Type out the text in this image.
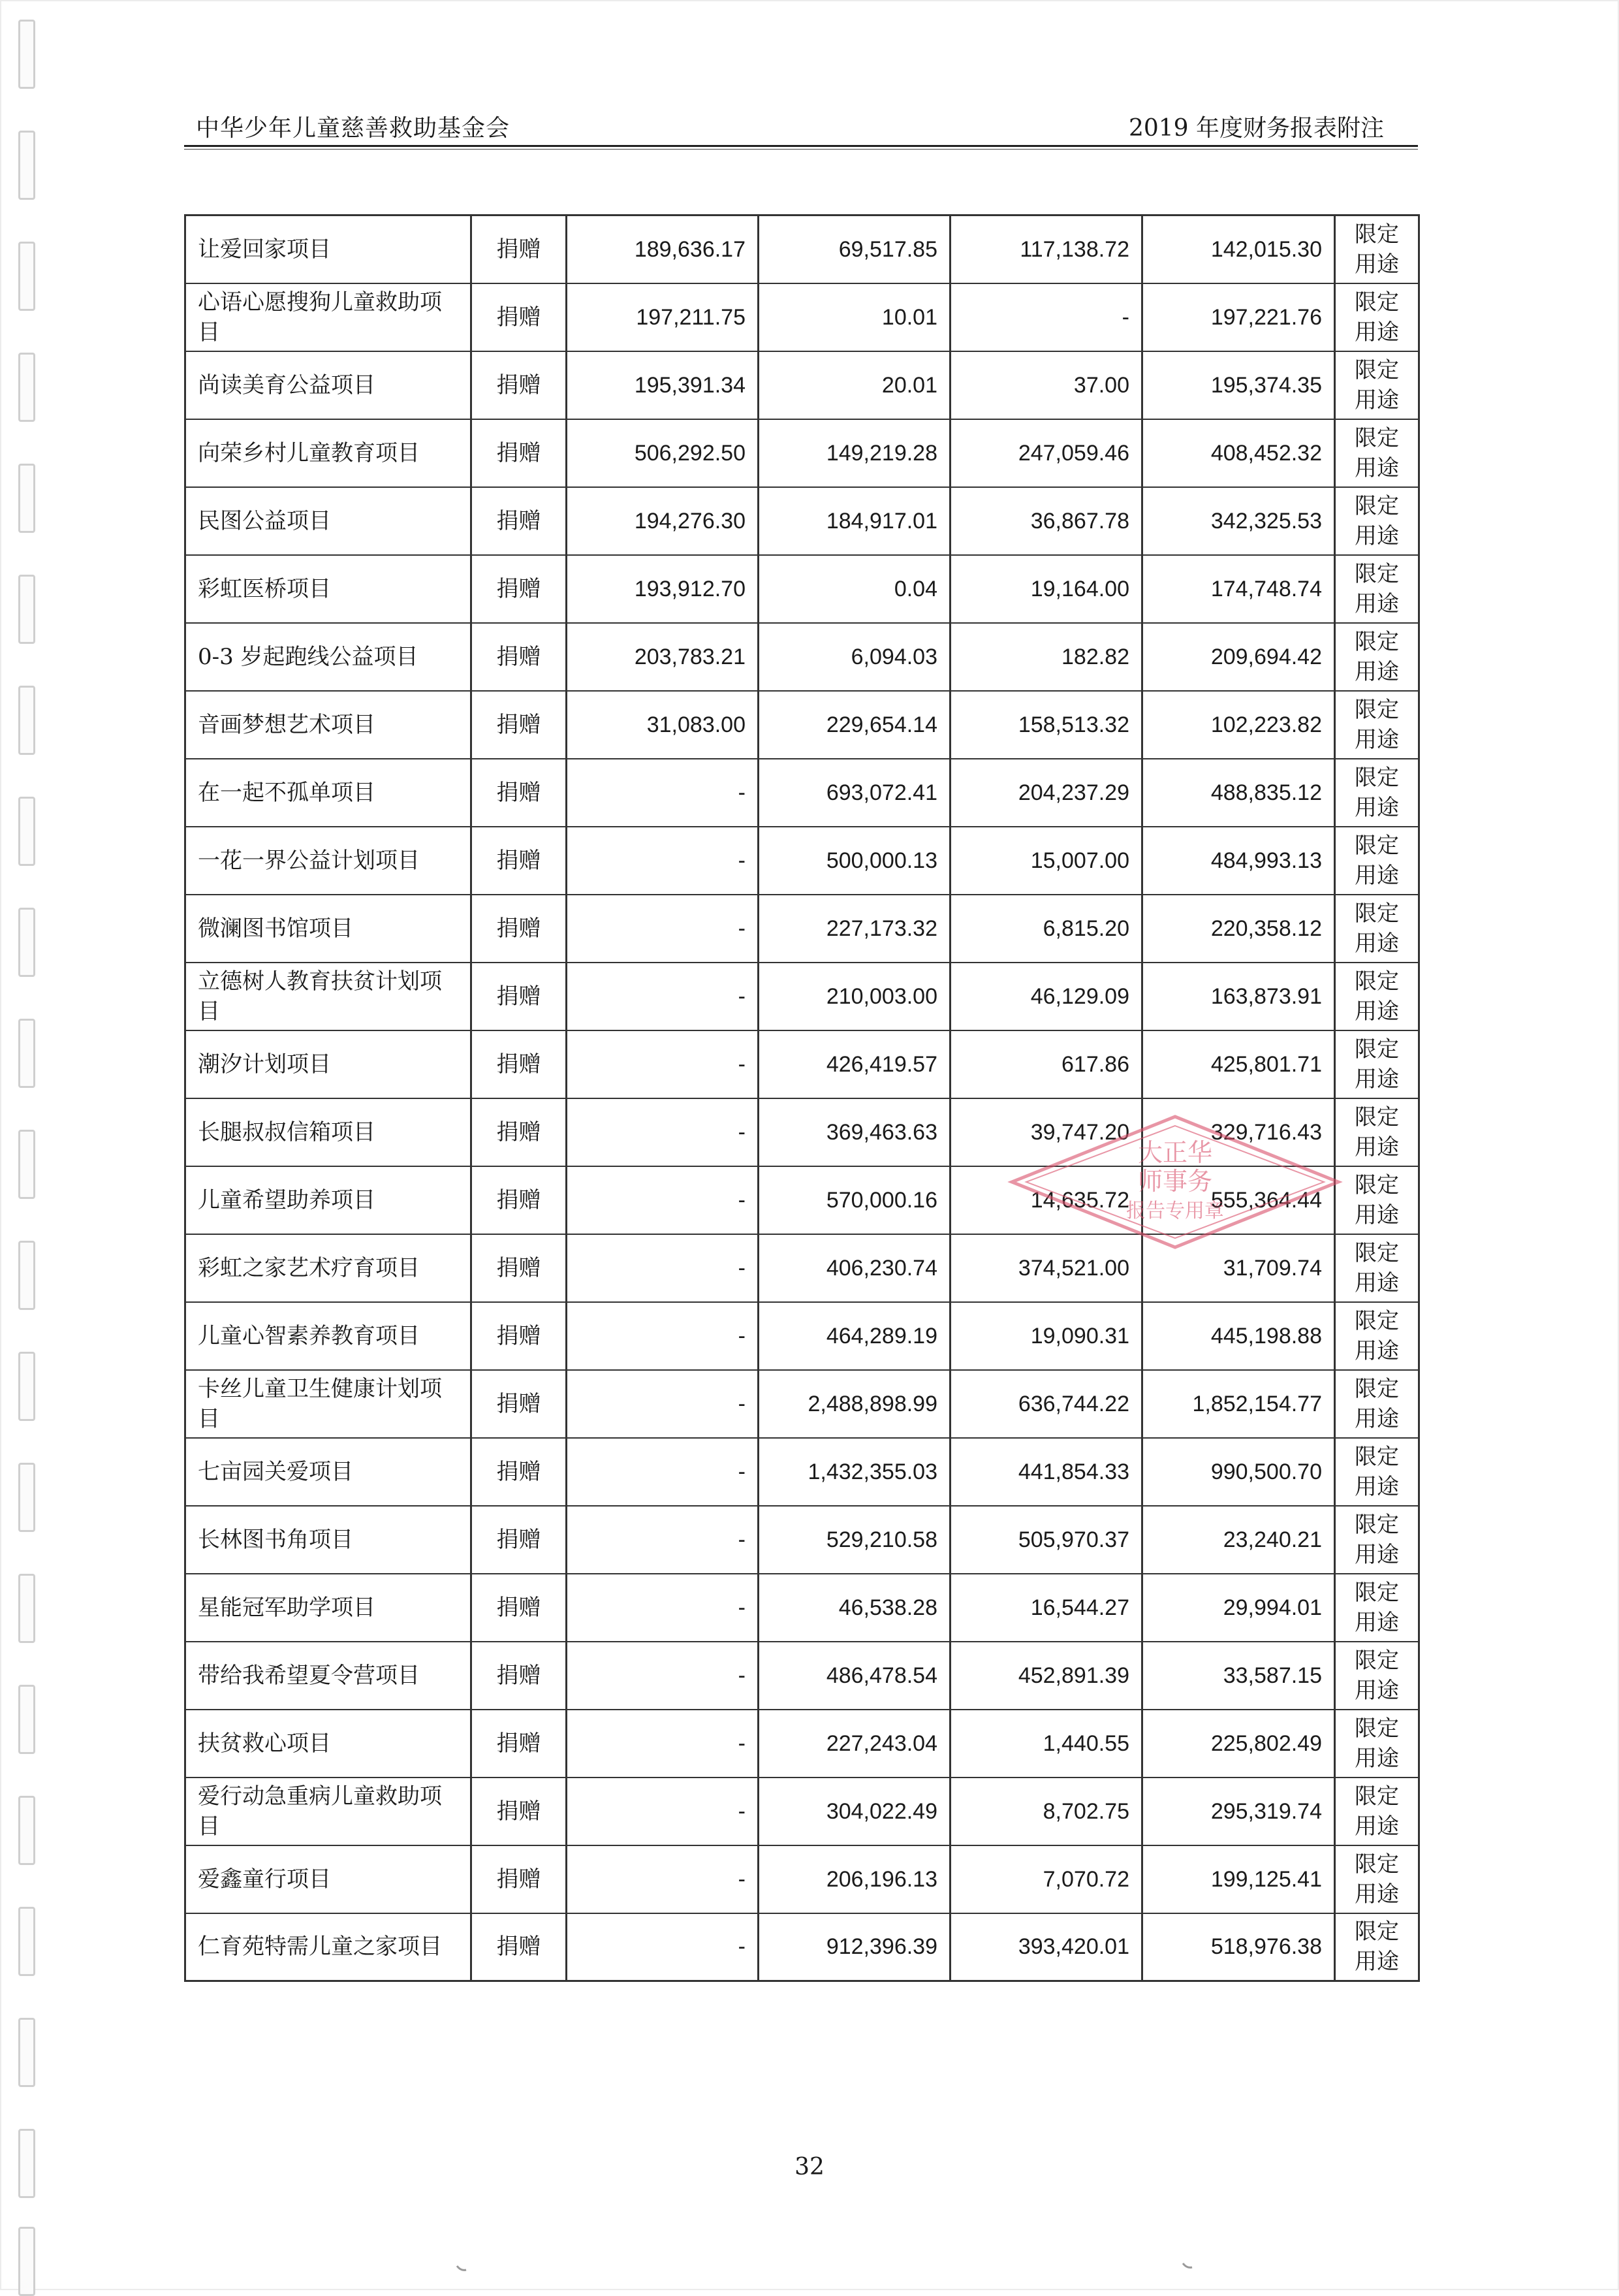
中华少年儿童慈善救助基金会	2019 年度财务报表附注
让爱回家项目	捐赠	189,636.17	69,517.85	117,138.72	142,015.30	限定用途
心语心愿搜狗儿童救助项目	捐赠	197,211.75	10.01	-	197,221.76	限定用途
尚读美育公益项目	捐赠	195,391.34	20.01	37.00	195,374.35	限定用途
向荣乡村儿童教育项目	捐赠	506,292.50	149,219.28	247,059.46	408,452.32	限定用途
民图公益项目	捐赠	194,276.30	184,917.01	36,867.78	342,325.53	限定用途
彩虹医桥项目	捐赠	193,912.70	0.04	19,164.00	174,748.74	限定用途
0-3 岁起跑线公益项目	捐赠	203,783.21	6,094.03	182.82	209,694.42	限定用途
音画梦想艺术项目	捐赠	31,083.00	229,654.14	158,513.32	102,223.82	限定用途
在一起不孤单项目	捐赠	-	693,072.41	204,237.29	488,835.12	限定用途
一花一界公益计划项目	捐赠	-	500,000.13	15,007.00	484,993.13	限定用途
微澜图书馆项目	捐赠	-	227,173.32	6,815.20	220,358.12	限定用途
立德树人教育扶贫计划项目	捐赠	-	210,003.00	46,129.09	163,873.91	限定用途
潮汐计划项目	捐赠	-	426,419.57	617.86	425,801.71	限定用途
长腿叔叔信箱项目	捐赠	-	369,463.63	39,747.20	329,716.43	限定用途
儿童希望助养项目	捐赠	-	570,000.16	14,635.72	555,364.44	限定用途
彩虹之家艺术疗育项目	捐赠	-	406,230.74	374,521.00	31,709.74	限定用途
儿童心智素养教育项目	捐赠	-	464,289.19	19,090.31	445,198.88	限定用途
卡丝儿童卫生健康计划项目	捐赠	-	2,488,898.99	636,744.22	1,852,154.77	限定用途
七亩园关爱项目	捐赠	-	1,432,355.03	441,854.33	990,500.70	限定用途
长林图书角项目	捐赠	-	529,210.58	505,970.37	23,240.21	限定用途
星能冠军助学项目	捐赠	-	46,538.28	16,544.27	29,994.01	限定用途
带给我希望夏令营项目	捐赠	-	486,478.54	452,891.39	33,587.15	限定用途
扶贫救心项目	捐赠	-	227,243.04	1,440.55	225,802.49	限定用途
爱行动急重病儿童救助项目	捐赠	-	304,022.49	8,702.75	295,319.74	限定用途
爱鑫童行项目	捐赠	-	206,196.13	7,070.72	199,125.41	限定用途
仁育苑特需儿童之家项目	捐赠	-	912,396.39	393,420.01	518,976.38	限定用途
大正华
师事务
报告专用章
32
